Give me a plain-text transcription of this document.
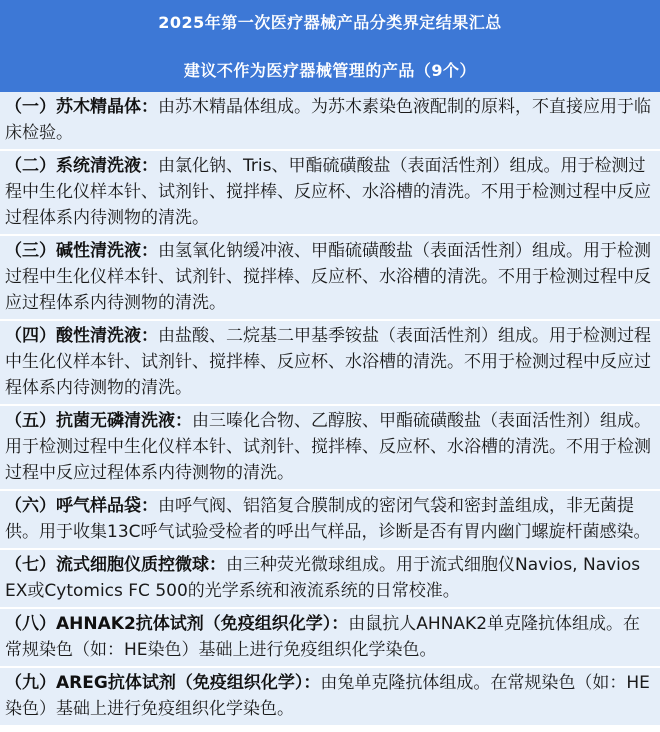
2025年第一次医疗器械产品分类界定结果汇总
建议不作为医疗器械管理的产品（9个）
（一）苏木精晶体：由苏木精晶体组成。为苏木素染色液配制的原料，不直接应用于临床检验。
（二）系统清洗液：由氯化钠、Tris、甲酯硫磺酸盐（表面活性剂）组成。用于检测过程中生化仪样本针、试剂针、搅拌棒、反应杯、水浴槽的清洗。不用于检测过程中反应过程体系内待测物的清洗。
（三）碱性清洗液：由氢氧化钠缓冲液、甲酯硫磺酸盐（表面活性剂）组成。用于检测过程中生化仪样本针、试剂针、搅拌棒、反应杯、水浴槽的清洗。不用于检测过程中反应过程体系内待测物的清洗。
（四）酸性清洗液：由盐酸、二烷基二甲基季铵盐（表面活性剂）组成。用于检测过程中生化仪样本针、试剂针、搅拌棒、反应杯、水浴槽的清洗。不用于检测过程中反应过程体系内待测物的清洗。
（五）抗菌无磷清洗液：由三嗪化合物、乙醇胺、甲酯硫磺酸盐（表面活性剂）组成。用于检测过程中生化仪样本针、试剂针、搅拌棒、反应杯、水浴槽的清洗。不用于检测过程中反应过程体系内待测物的清洗。
（六）呼气样品袋：由呼气阀、铝箔复合膜制成的密闭气袋和密封盖组成，非无菌提供。用于收集13C呼气试验受检者的呼出气样品，诊断是否有胃内幽门螺旋杆菌感染。
（七）流式细胞仪质控微球：由三种荧光微球组成。用于流式细胞仪Navios, Navios EX或Cytomics FC 500的光学系统和液流系统的日常校准。
（八）AHNAK2抗体试剂（免疫组织化学）：由鼠抗人AHNAK2单克隆抗体组成。在常规染色（如：HE染色）基础上进行免疫组织化学染色。
（九）AREG抗体试剂（免疫组织化学）：由兔单克隆抗体组成。在常规染色（如：HE染色）基础上进行免疫组织化学染色。
